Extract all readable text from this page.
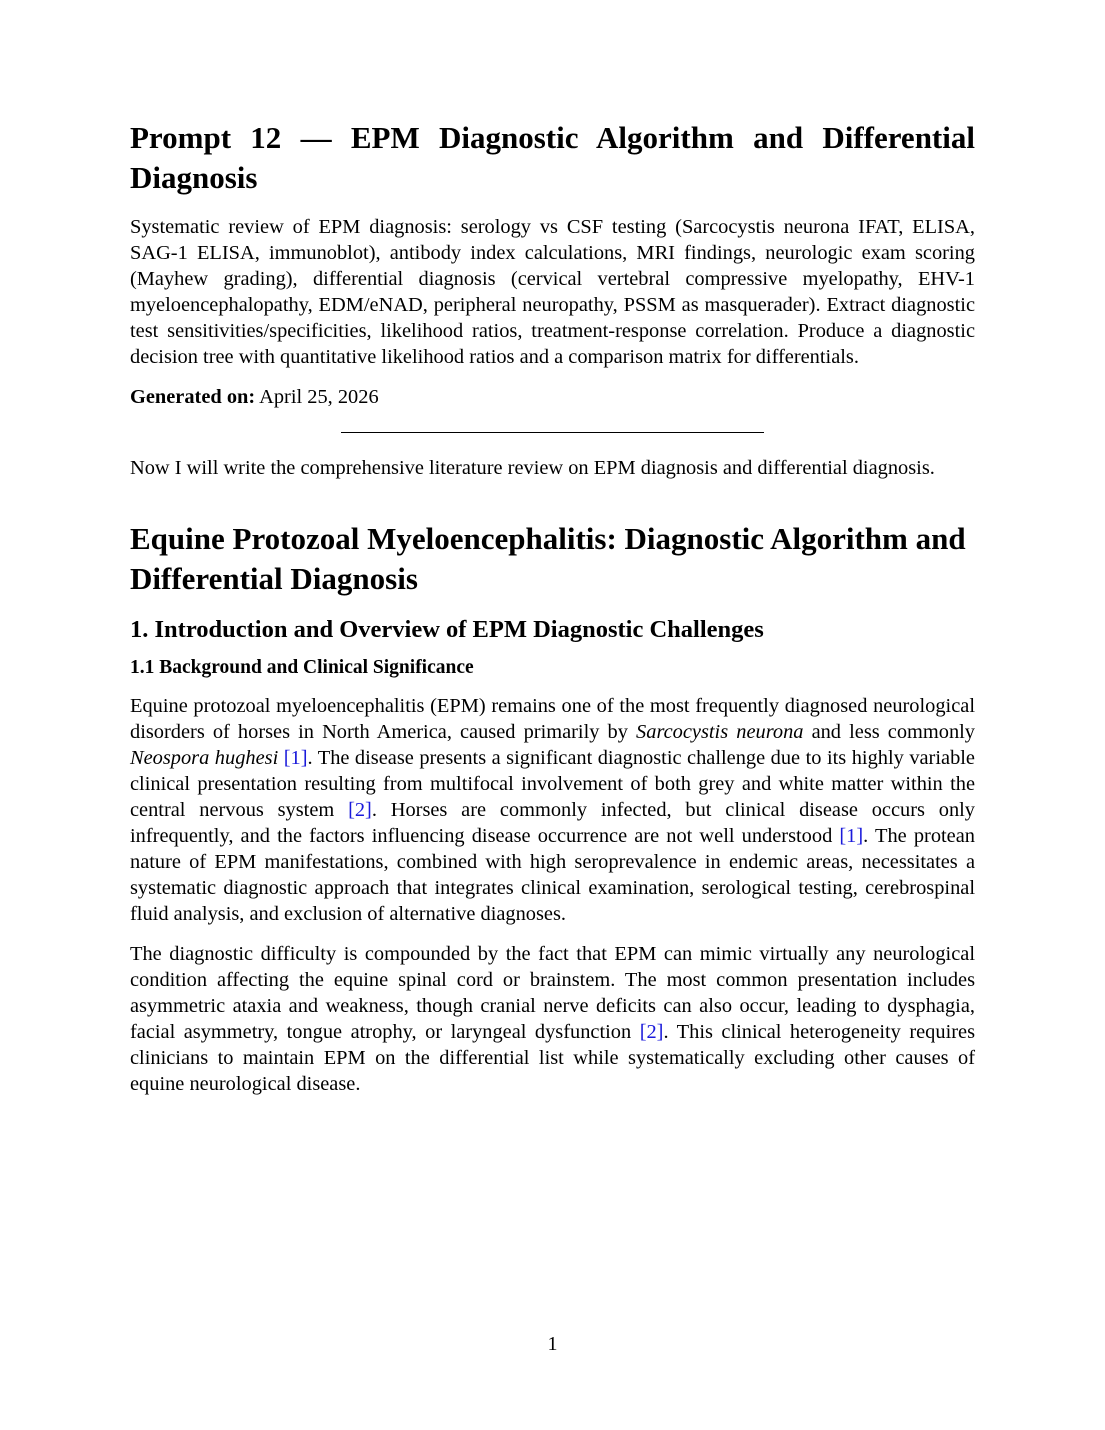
Prompt 12 — EPM Diagnostic Algorithm and Differential Diagnosis

Systematic review of EPM diagnosis: serology vs CSF testing (Sarcocystis neurona IFAT, ELISA, SAG-1 ELISA, immunoblot), antibody index calculations, MRI findings, neurologic exam scoring (Mayhew grading), differential diagnosis (cervical vertebral compressive myelopathy, EHV-1 myeloencephalopathy, EDM/eNAD, peripheral neuropathy, PSSM as masquerader). Extract diagnostic test sensitivities/specificities, likelihood ratios, treatment-response correlation. Produce a diagnostic decision tree with quantitative likelihood ratios and a comparison matrix for differentials.

Generated on: April 25, 2026

Now I will write the comprehensive literature review on EPM diagnosis and differential diagnosis.

Equine Protozoal Myeloencephalitis: Diagnostic Algorithm and Differential Diagnosis
1. Introduction and Overview of EPM Diagnostic Challenges
1.1 Background and Clinical Significance

Equine protozoal myeloencephalitis (EPM) remains one of the most frequently diagnosed neurological disorders of horses in North America, caused primarily by Sarcocystis neurona and less commonly Neospora hughesi [1]. The disease presents a significant diagnostic challenge due to its highly variable clinical presentation resulting from multifocal involvement of both grey and white matter within the central nervous system [2]. Horses are commonly infected, but clinical disease occurs only infrequently, and the factors influencing disease occurrence are not well understood [1]. The protean nature of EPM manifestations, combined with high seroprevalence in endemic areas, necessitates a systematic diagnostic approach that integrates clinical examination, serological testing, cerebrospinal fluid analysis, and exclusion of alternative diagnoses.

The diagnostic difficulty is compounded by the fact that EPM can mimic virtually any neurological condition affecting the equine spinal cord or brainstem. The most common presentation includes asymmetric ataxia and weakness, though cranial nerve deficits can also occur, leading to dysphagia, facial asymmetry, tongue atrophy, or laryngeal dysfunction [2]. This clinical heterogeneity requires clinicians to maintain EPM on the differential list while systematically excluding other causes of equine neurological disease.

1
